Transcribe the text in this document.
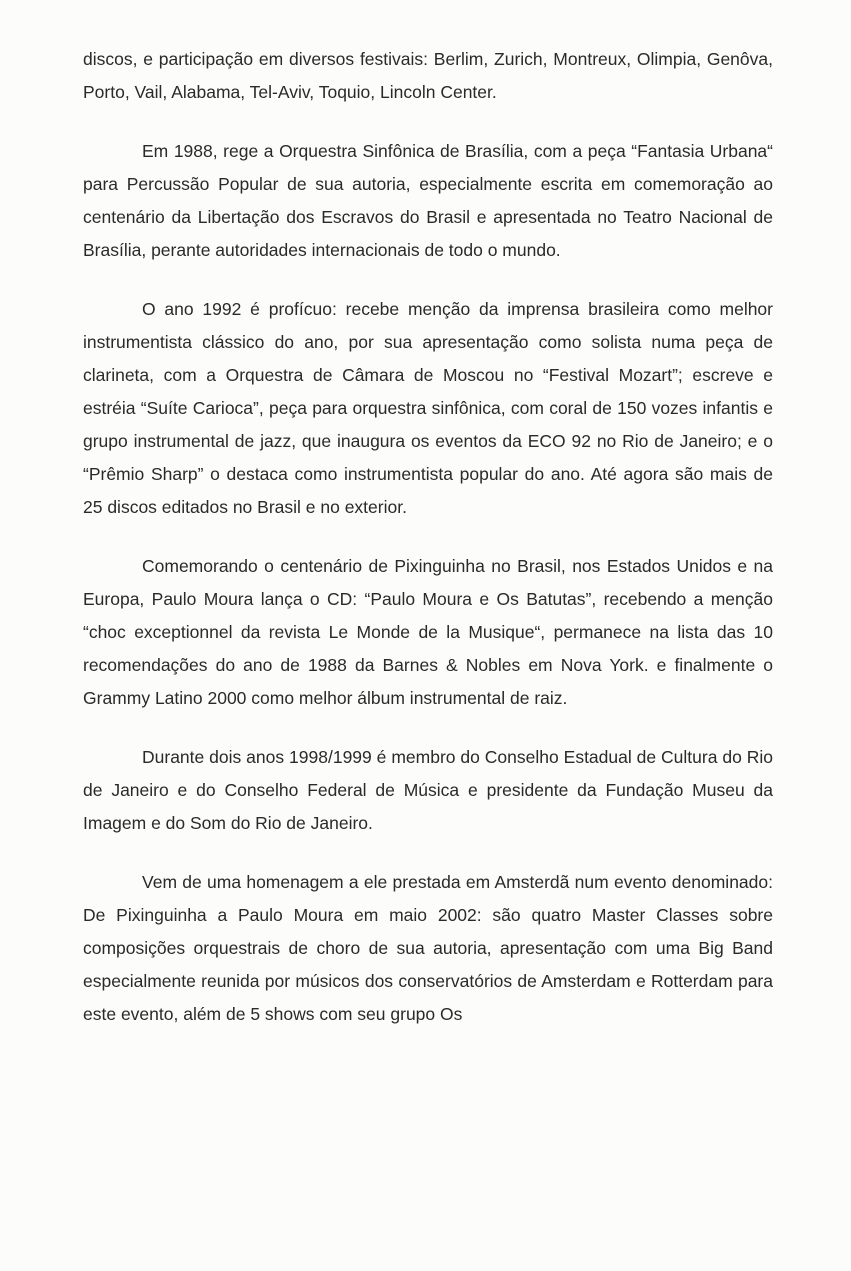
discos, e participação em diversos festivais: Berlim, Zurich, Montreux, Olimpia, Genôva, Porto, Vail, Alabama, Tel-Aviv, Toquio, Lincoln Center.

Em 1988, rege a Orquestra Sinfônica de Brasília, com a peça “Fantasia Urbana“ para Percussão Popular de sua autoria, especialmente escrita em comemoração ao centenário da Libertação dos Escravos do Brasil e apresentada no Teatro Nacional de Brasília, perante autoridades internacionais de todo o mundo.

O ano 1992 é profícuo: recebe menção da imprensa brasileira como melhor instrumentista clássico do ano, por sua apresentação como solista numa peça de clarineta, com a Orquestra de Câmara de Moscou no “Festival Mozart”; escreve e estréia “Suíte Carioca”, peça para orquestra sinfônica, com coral de 150 vozes infantis e grupo instrumental de jazz, que inaugura os eventos da ECO 92 no Rio de Janeiro; e o “Prêmio Sharp” o destaca como instrumentista popular do ano. Até agora são mais de 25 discos editados no Brasil e no exterior.

Comemorando o centenário de Pixinguinha no Brasil, nos Estados Unidos e na Europa, Paulo Moura lança o CD: “Paulo Moura e Os Batutas”, recebendo a menção “choc exceptionnel da revista Le Monde de la Musique“, permanece na lista das 10 recomendações do ano de 1988 da Barnes & Nobles em Nova York. e finalmente o Grammy Latino 2000 como melhor álbum instrumental de raiz.

Durante dois anos 1998/1999 é membro do Conselho Estadual de Cultura do Rio de Janeiro e do Conselho Federal de Música e presidente da Fundação Museu da Imagem e do Som do Rio de Janeiro.

Vem de uma homenagem a ele prestada em Amsterdã num evento denominado: De Pixinguinha a Paulo Moura em maio 2002: são quatro Master Classes sobre composições orquestrais de choro de sua autoria, apresentação com uma Big Band especialmente reunida por músicos dos conservatórios de Amsterdam e Rotterdam para este evento, além de 5 shows com seu grupo Os
